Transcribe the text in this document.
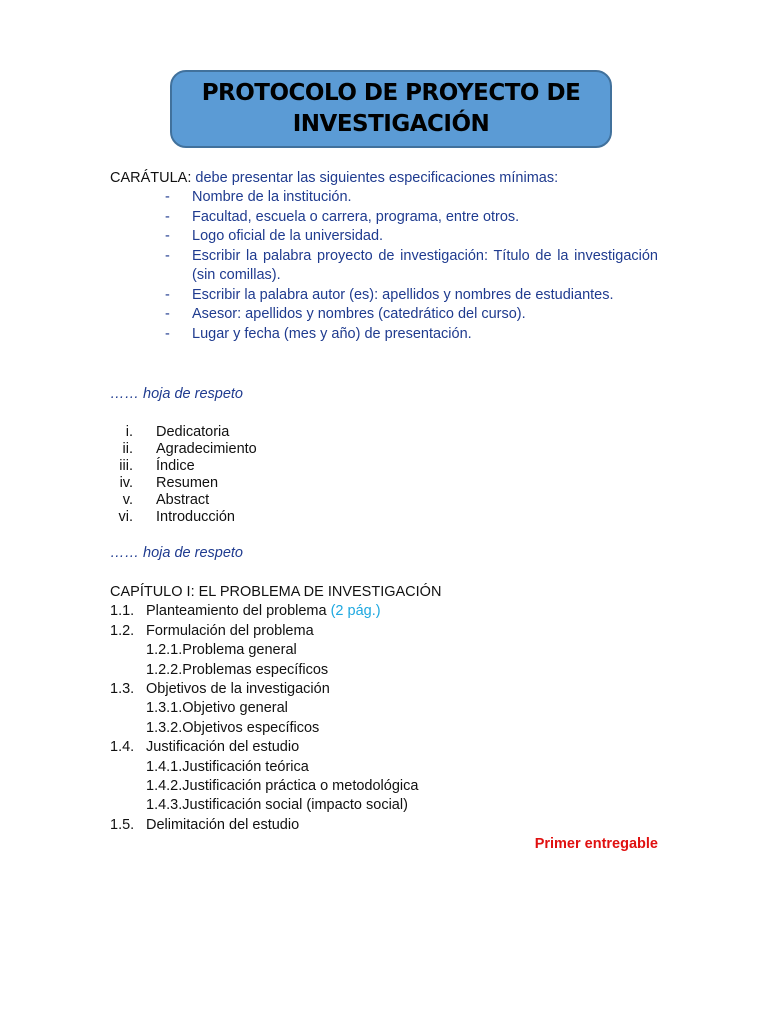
PROTOCOLO DE PROYECTO DE
INVESTIGACIÓN
CARÁTULA: debe presentar las siguientes especificaciones mínimas:
- Nombre de la institución.
- Facultad, escuela o carrera, programa, entre otros.
- Logo oficial de la universidad.
- Escribir la palabra proyecto de investigación: Título de la investigación (sin comillas).
- Escribir la palabra autor (es): apellidos y nombres de estudiantes.
- Asesor: apellidos y nombres (catedrático del curso).
- Lugar y fecha (mes y año) de presentación.
…… hoja de respeto
i. Dedicatoria
ii. Agradecimiento
iii. Índice
iv. Resumen
v. Abstract
vi. Introducción
…… hoja de respeto
CAPÍTULO I: EL PROBLEMA DE INVESTIGACIÓN
1.1. Planteamiento del problema (2 pág.)
1.2. Formulación del problema
1.2.1.Problema general
1.2.2.Problemas específicos
1.3. Objetivos de la investigación
1.3.1.Objetivo general
1.3.2.Objetivos específicos
1.4. Justificación del estudio
1.4.1.Justificación teórica
1.4.2.Justificación práctica o metodológica
1.4.3.Justificación social (impacto social)
1.5. Delimitación del estudio
Primer entregable
